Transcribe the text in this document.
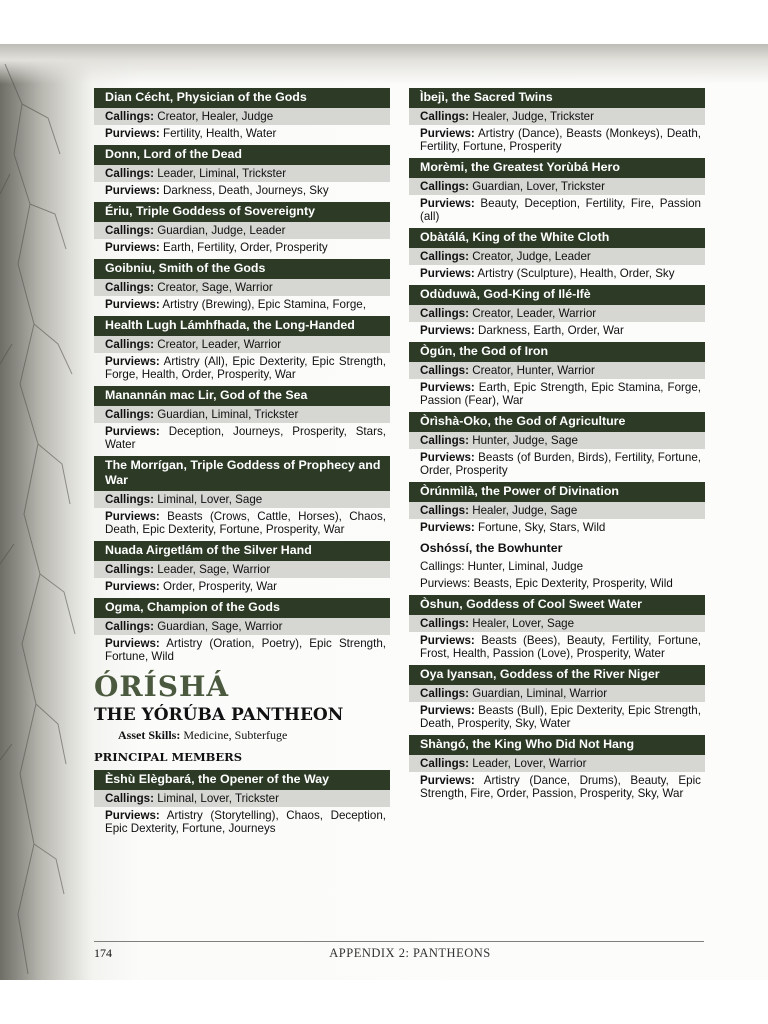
Dian Cécht, Physician of the Gods
Callings: Creator, Healer, Judge
Purviews: Fertility, Health, Water
Donn, Lord of the Dead
Callings: Leader, Liminal, Trickster
Purviews: Darkness, Death, Journeys, Sky
Ériu, Triple Goddess of Sovereignty
Callings: Guardian, Judge, Leader
Purviews: Earth, Fertility, Order, Prosperity
Goibniu, Smith of the Gods
Callings: Creator, Sage, Warrior
Purviews: Artistry (Brewing), Epic Stamina, Forge,
Health Lugh Lámhfhada, the Long-Handed
Callings: Creator, Leader, Warrior
Purviews: Artistry (All), Epic Dexterity, Epic Strength, Forge, Health, Order, Prosperity, War
Manannán mac Lir, God of the Sea
Callings: Guardian, Liminal, Trickster
Purviews: Deception, Journeys, Prosperity, Stars, Water
The Morrígan, Triple Goddess of Prophecy and War
Callings: Liminal, Lover, Sage
Purviews: Beasts (Crows, Cattle, Horses), Chaos, Death, Epic Dexterity, Fortune, Prosperity, War
Nuada Airgetlám of the Silver Hand
Callings: Leader, Sage, Warrior
Purviews: Order, Prosperity, War
Ogma, Champion of the Gods
Callings: Guardian, Sage, Warrior
Purviews: Artistry (Oration, Poetry), Epic Strength, Fortune, Wild
ÓRÍSHÁ
THE YÓRÚBA PANTHEON
Asset Skills: Medicine, Subterfuge
PRINCIPAL MEMBERS
Èshù Elègbará, the Opener of the Way
Callings: Liminal, Lover, Trickster
Purviews: Artistry (Storytelling), Chaos, Deception, Epic Dexterity, Fortune, Journeys
Ìbejì, the Sacred Twins
Callings: Healer, Judge, Trickster
Purviews: Artistry (Dance), Beasts (Monkeys), Death, Fertility, Fortune, Prosperity
Morèmi, the Greatest Yorùbá Hero
Callings: Guardian, Lover, Trickster
Purviews: Beauty, Deception, Fertility, Fire, Passion (all)
Obàtálá, King of the White Cloth
Callings: Creator, Judge, Leader
Purviews: Artistry (Sculpture), Health, Order, Sky
Odùduwà, God-King of Ilé-Ifè
Callings: Creator, Leader, Warrior
Purviews: Darkness, Earth, Order, War
Ògún, the God of Iron
Callings: Creator, Hunter, Warrior
Purviews: Earth, Epic Strength, Epic Stamina, Forge, Passion (Fear), War
Òrìshà-Oko, the God of Agriculture
Callings: Hunter, Judge, Sage
Purviews: Beasts (of Burden, Birds), Fertility, Fortune, Order, Prosperity
Òrúnmìlà, the Power of Divination
Callings: Healer, Judge, Sage
Purviews: Fortune, Sky, Stars, Wild
Oshóssí, the Bowhunter
Callings: Hunter, Liminal, Judge
Purviews: Beasts, Epic Dexterity, Prosperity, Wild
Òshun, Goddess of Cool Sweet Water
Callings: Healer, Lover, Sage
Purviews: Beasts (Bees), Beauty, Fertility, Fortune, Frost, Health, Passion (Love), Prosperity, Water
Oya Iyansan, Goddess of the River Niger
Callings: Guardian, Liminal, Warrior
Purviews: Beasts (Bull), Epic Dexterity, Epic Strength, Death, Prosperity, Sky, Water
Shàngó, the King Who Did Not Hang
Callings: Leader, Lover, Warrior
Purviews: Artistry (Dance, Drums), Beauty, Epic Strength, Fire, Order, Passion, Prosperity, Sky, War
174	APPENDIX 2: PANTHEONS
